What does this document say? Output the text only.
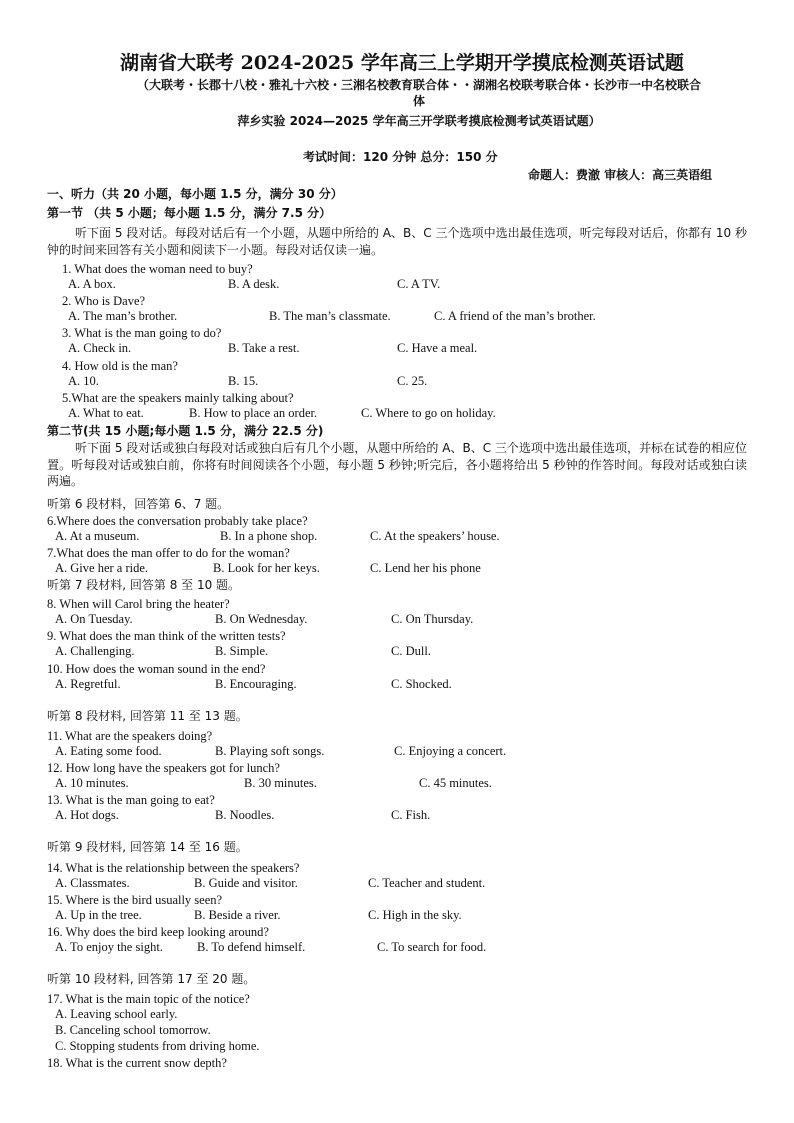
湖南省大联考 2024-2025 学年高三上学期开学摸底检测英语试题
（大联考・长郡十八校・雅礼十六校・三湘名校教育联合体・・湖湘名校联考联合体・长沙市一中名校联合
体
萍乡实验 2024—2025 学年高三开学联考摸底检测考试英语试题）
考试时间：120 分钟 总分：150 分
命题人：费澈 审核人：高三英语组
一、听力（共 20 小题，每小题 1.5 分，满分 30 分）
第一节 （共 5 小题；每小题 1.5 分，满分 7.5 分）
听下面 5 段对话。每段对话后有一个小题，从题中所给的 A、B、C 三个选项中选出最佳选项，听完每段对话后，你都有 10 秒钟的时间来回答有关小题和阅读下一小题。每段对话仅读一遍。
1. What does the woman need to buy?
A. A box.	B. A desk.	C. A TV.
2. Who is Dave?
A. The man’s brother.	B. The man’s classmate.	C. A friend of the man’s brother.
3. What is the man going to do?
A. Check in.	B. Take a rest.	C. Have a meal.
4. How old is the man?
A. 10.	B. 15.	C. 25.
5.What are the speakers mainly talking about?
A. What to eat.	B. How to place an order.	C. Where to go on holiday.
第二节(共 15 小题;每小题 1.5 分，满分 22.5 分)
听下面 5 段对话或独白每段对话或独白后有几个小题，从题中所给的 A、B、C 三个选项中选出最佳选项，并标在试卷的相应位置。听每段对话或独白前，你将有时间阅读各个小题，每小题 5 秒钟;听完后，各小题将给出 5 秒钟的作答时间。每段对话或独白读两遍。
听第 6 段材料，回答第 6、7 题。
6.Where does the conversation probably take place?
A. At a museum.	B. In a phone shop.	C. At the speakers’ house.
7.What does the man offer to do for the woman?
A. Give her a ride.	B. Look for her keys.	C. Lend her his phone
听第 7 段材料, 回答第 8 至 10 题。
8. When will Carol bring the heater?
A. On Tuesday.	B. On Wednesday.	C. On Thursday.
9. What does the man think of the written tests?
A. Challenging.	B. Simple.	C. Dull.
10. How does the woman sound in the end?
A. Regretful.	B. Encouraging.	C. Shocked.
听第 8 段材料, 回答第 11 至 13 题。
11. What are the speakers doing?
A. Eating some food.	B. Playing soft songs.	C. Enjoying a concert.
12. How long have the speakers got for lunch?
A. 10 minutes.	B. 30 minutes.	C. 45 minutes.
13. What is the man going to eat?
A. Hot dogs.	B. Noodles.	C. Fish.
听第 9 段材料, 回答第 14 至 16 题。
14. What is the relationship between the speakers?
A. Classmates.	B. Guide and visitor.	C. Teacher and student.
15. Where is the bird usually seen?
A. Up in the tree.	B. Beside a river.	C. High in the sky.
16. Why does the bird keep looking around?
A. To enjoy the sight.	B. To defend himself.	C. To search for food.
听第 10 段材料, 回答第 17 至 20 题。
17. What is the main topic of the notice?
A. Leaving school early.
B. Canceling school tomorrow.
C. Stopping students from driving home.
18. What is the current snow depth?
